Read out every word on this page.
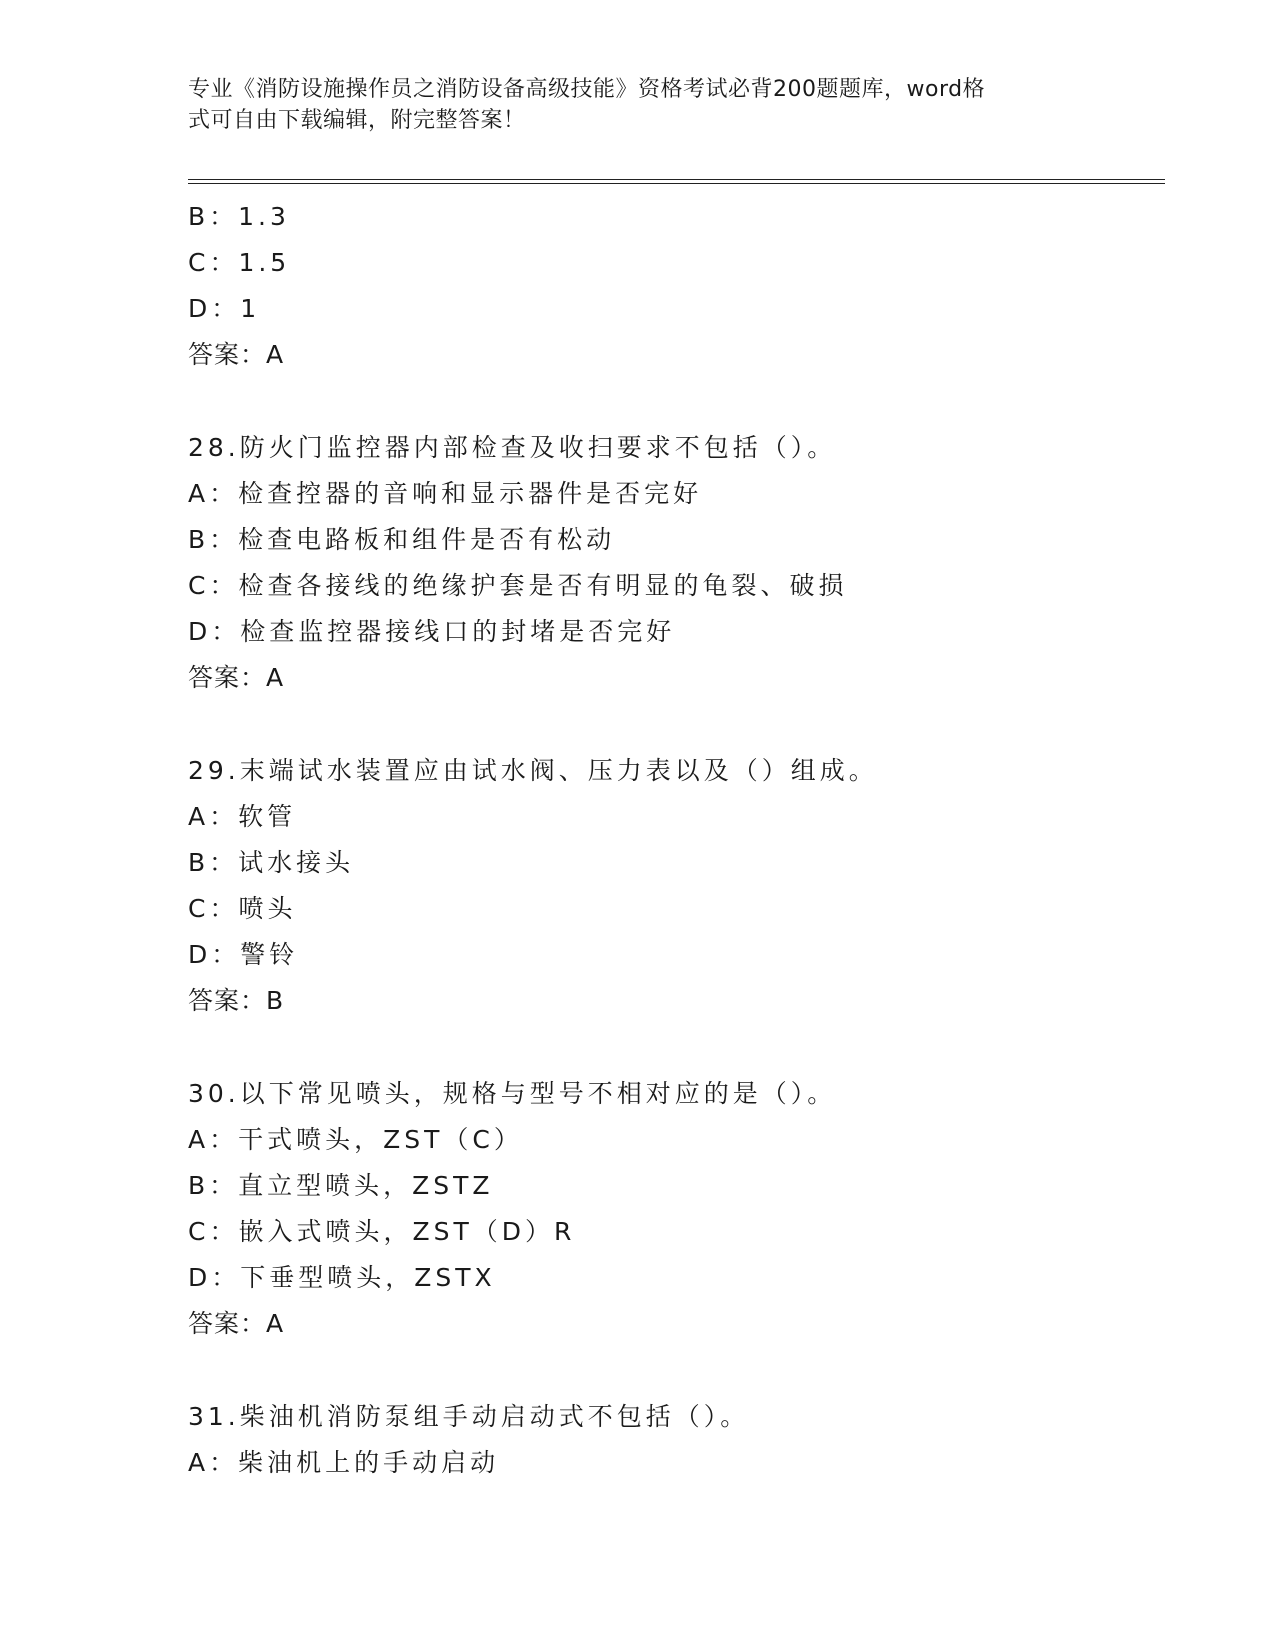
专业《消防设施操作员之消防设备高级技能》资格考试必背200题题库，word格
式可自由下载编辑，附完整答案！
B：1.3
C：1.5
D：1
答案：A
28.防火门监控器内部检查及收扫要求不包括（）。
A：检查控器的音响和显示器件是否完好
B：检查电路板和组件是否有松动
C：检查各接线的绝缘护套是否有明显的龟裂、破损
D：检查监控器接线口的封堵是否完好
答案：A
29.末端试水装置应由试水阀、压力表以及（）组成。
A：软管
B：试水接头
C：喷头
D：警铃
答案：B
30.以下常见喷头，规格与型号不相对应的是（）。
A：干式喷头，ZST（C）
B：直立型喷头，ZSTZ
C：嵌入式喷头，ZST（D）R
D：下垂型喷头，ZSTX
答案：A
31.柴油机消防泵组手动启动式不包括（）。
A：柴油机上的手动启动
